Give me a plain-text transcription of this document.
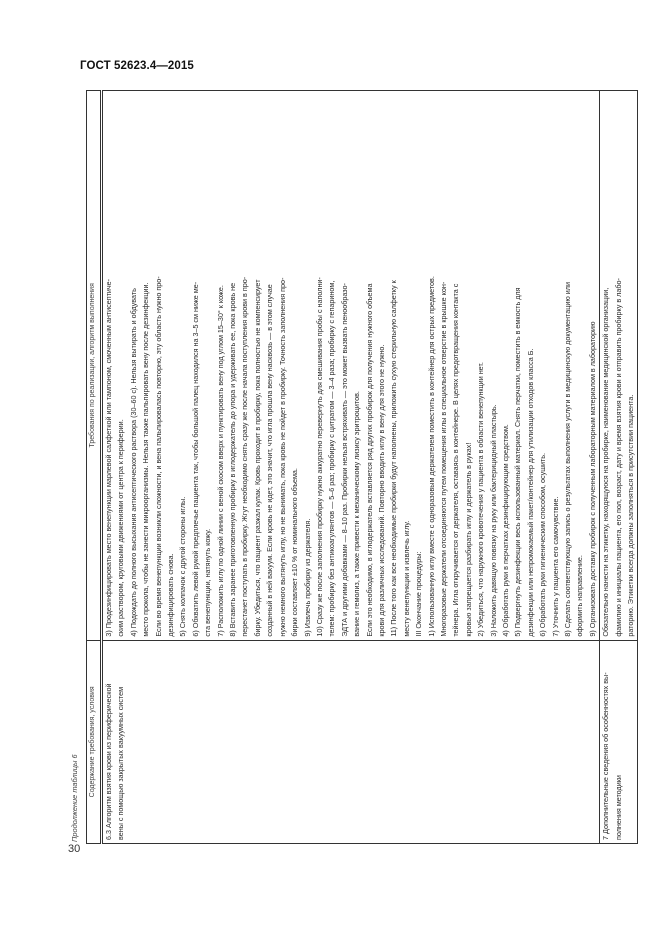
ГОСТ 52623.4—2015
Продолжение таблицы 6
Содержание требования, условия	Требования по реализации, алгоритм выполнения

6.3 Алгоритм взятия крови из периферической вены с помощью закрытых вакуумных систем

3) Продезинфицировать место венепункции марлевой салфеткой или тампоном, смоченным антисептиче- ским раствором, круговыми движениями от центра к периферии. 4) Подождать до полного высыхания антисептического раствора (30–60 с). Нельзя вытирать и обдувать место прокола, чтобы не занести микроорганизмы. Нельзя также пальпировать вену после дезинфекции. Если во время венепункции возникли сложности, и вена пальпировалась повторно, эту область нужно про- дезинфицировать снова. 5) Снять колпачок с другой стороны иглы. 6) Обхватить левой рукой предплечье пациента так, чтобы большой палец находился на 3–5 см ниже ме- ста венепункции, натянуть кожу. 7) Расположить иглу по одной линии с веной скосом вверх и пунктировать вену под углом 15–30° к коже. 8) Вставить заранее приготовленную пробирку в иглодержатель до упора и удерживать ее, пока кровь не перестанет поступать в пробирку. Жгут необходимо снять сразу же после начала поступления крови в про- бирку. Убедиться, что пациент разжал кулак. Кровь проходит в пробирку, пока полностью не компенсирует созданный в ней вакуум. Если кровь не идет, это значит, что игла прошла вену насквозь — в этом случае нужно немного вытянуть иглу, но не вынимать, пока кровь не пойдет в пробирку. Точность заполнения про- бирки составляет ±10 % от номинального объема. 9) Извлечь пробирку из держателя. 10) Сразу же после заполнения пробирку нужно аккуратно перевернуть для смешивания пробы с наполни- телем: пробирку без антикоагулянтов — 5–6 раз; пробирку с цитратом — 3–4 раза; пробирку с гепарином, ЭДТА и другими добавками — 8–10 раз. Пробирки нельзя встряхивать — это может вызвать пенообразо- вание и гемолиз, а также привести к механическому лизису эритроцитов. Если это необходимо, в иглодержатель вставляется ряд других пробирок для получения нужного объема крови для различных исследований. Повторно вводить иглу в вену для этого не нужно. 11) После того как все необходимые пробирки будут наполнены, приложить сухую стерильную салфетку к месту венепункции и извлечь иглу. III Окончание процедуры: 1) Использованную иглу вместе с одноразовым держателем поместить в контейнер для острых предметов. Многоразовые держатели отсоединяются путем помещения иглы в специальное отверстие в крышке кон- тейнера. Игла откручивается от держателя, оставаясь в контейнере. В целях предотвращения контакта с кровью запрещается разбирать иглу и держатель в руках! 2) Убедиться, что наружного кровотечения у пациента в области венепункции нет. 3) Наложить давящую повязку на руку или бактерицидный пластырь. 4) Обработать руки в перчатках дезинфицирующим средством. 5) Подвергнуть дезинфекции весь использованный материал. Снять перчатки, поместить в емкость для дезинфекции или непромокаемый пакет/контейнер для утилизации отходов класса Б. 6) Обработать руки гигиеническим способом, осушить. 7) Уточнить у пациента его самочувствие. 8) Сделать соответствующую запись о результатах выполнения услуги в медицинскую документацию или оформить направление. 9) Организовать доставку пробирок с полученным лабораторным материалом в лабораторию

7 Дополнительные сведения об особенностях вы- полнения методики	Обязательно нанести на этикетку, находящуюся на пробирке, наименование медицинской организации, фамилию и инициалы пациента, его пол, возраст, дату и время взятия крови и отправить пробирку в лабо- раторию. Этикетки всегда должны заполняться в присутствии пациента.
30
